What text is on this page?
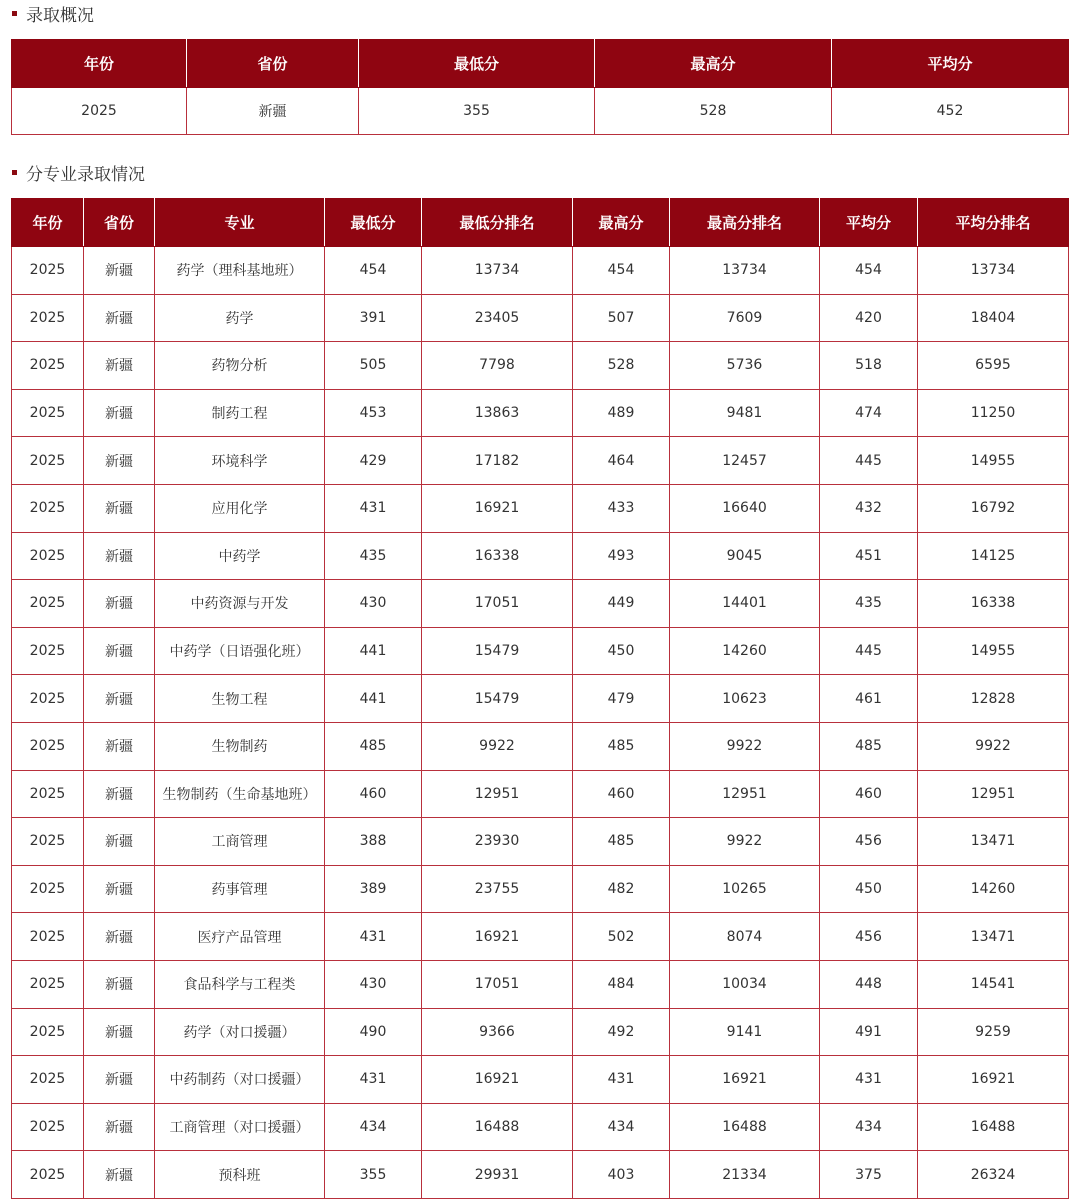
录取概况
年份	省份	最低分	最高分	平均分
2025	新疆	355	528	452
分专业录取情况
年份	省份	专业	最低分	最低分排名	最高分	最高分排名	平均分	平均分排名
2025	新疆	药学（理科基地班）	454	13734	454	13734	454	13734
2025	新疆	药学	391	23405	507	7609	420	18404
2025	新疆	药物分析	505	7798	528	5736	518	6595
2025	新疆	制药工程	453	13863	489	9481	474	11250
2025	新疆	环境科学	429	17182	464	12457	445	14955
2025	新疆	应用化学	431	16921	433	16640	432	16792
2025	新疆	中药学	435	16338	493	9045	451	14125
2025	新疆	中药资源与开发	430	17051	449	14401	435	16338
2025	新疆	中药学（日语强化班）	441	15479	450	14260	445	14955
2025	新疆	生物工程	441	15479	479	10623	461	12828
2025	新疆	生物制药	485	9922	485	9922	485	9922
2025	新疆	生物制药（生命基地班）	460	12951	460	12951	460	12951
2025	新疆	工商管理	388	23930	485	9922	456	13471
2025	新疆	药事管理	389	23755	482	10265	450	14260
2025	新疆	医疗产品管理	431	16921	502	8074	456	13471
2025	新疆	食品科学与工程类	430	17051	484	10034	448	14541
2025	新疆	药学（对口援疆）	490	9366	492	9141	491	9259
2025	新疆	中药制药（对口援疆）	431	16921	431	16921	431	16921
2025	新疆	工商管理（对口援疆）	434	16488	434	16488	434	16488
2025	新疆	预科班	355	29931	403	21334	375	26324
